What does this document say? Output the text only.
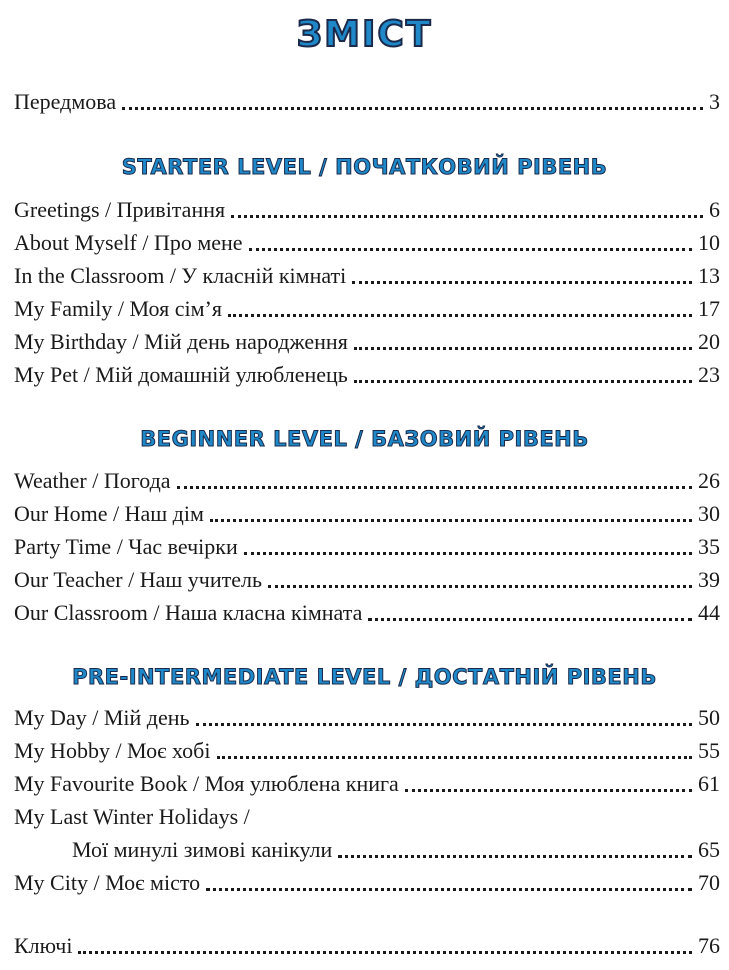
ЗМІСТ
Передмова	3
STARTER LEVEL / ПОЧАТКОВИЙ РІВЕНЬ
Greetings / Привітання	6
About Myself / Про мене	10
In the Classroom / У класній кімнаті	13
My Family / Моя сім’я	17
My Birthday / Мій день народження	20
My Pet / Мій домашній улюбленець	23
BEGINNER LEVEL / БАЗОВИЙ РІВЕНЬ
Weather / Погода	26
Our Home / Наш дім	30
Party Time / Час вечірки	35
Our Teacher / Наш учитель	39
Our Classroom / Наша класна кімната	44
PRE-INTERMEDIATE LEVEL / ДОСТАТНІЙ РІВЕНЬ
My Day / Мій день	50
My Hobby / Моє хобі	55
My Favourite Book / Моя улюблена книга	61
My Last Winter Holidays /
Мої минулі зимові канікули	65
My City / Моє місто	70
Ключі	76
